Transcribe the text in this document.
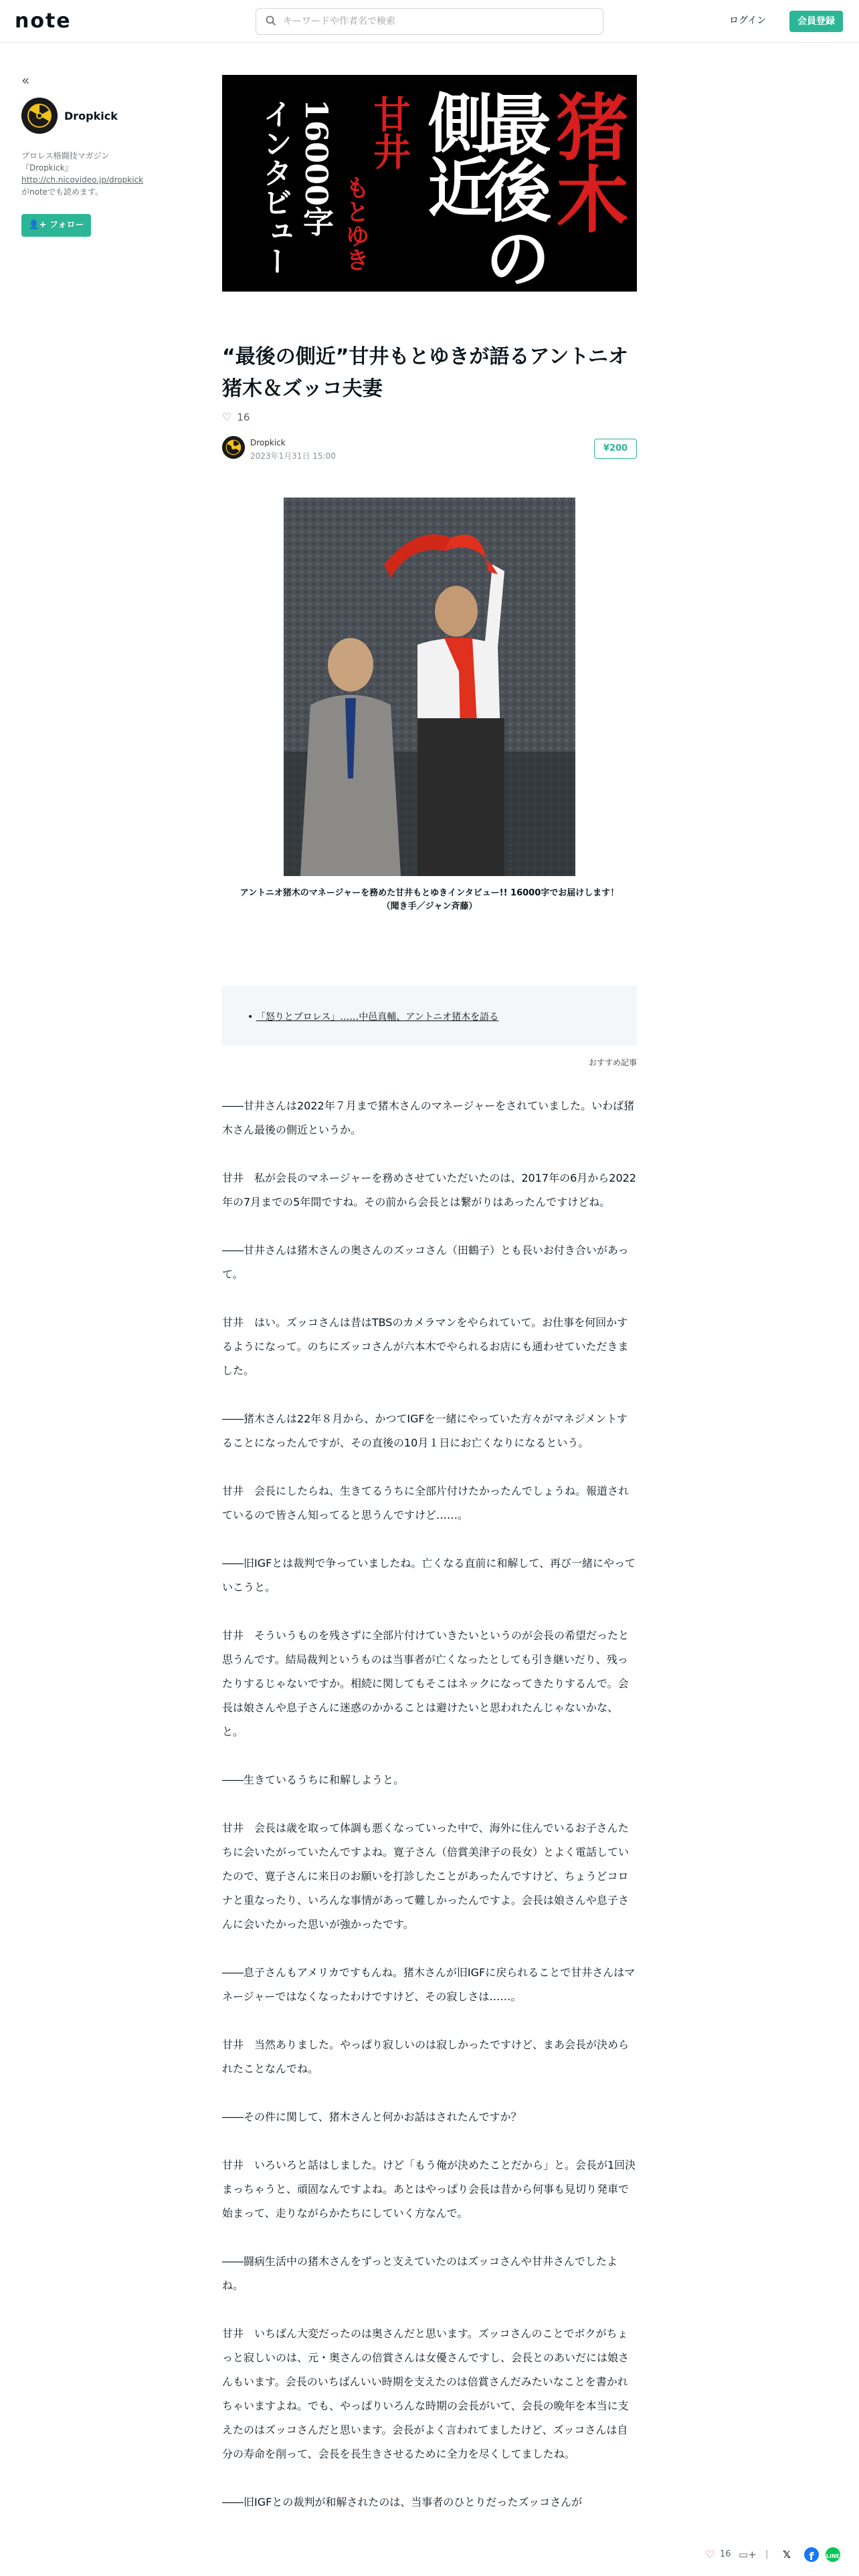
note
キーワードや作者名で検索	ログイン	会員登録
«
Dropkick
プロレス格闘技マガジン
『Dropkick』
http://ch.nicovideo.jp/dropkick
がnoteでも読めます。
👤+ フォロー	猪木
最後の
側近
甘井
もとゆき
16000字
インタビュー
“最後の側近”甘井もとゆきが語るアントニオ猪木＆ズッコ夫妻
♡ 16
Dropkick
2023年1月31日 15:00
¥200
アントニオ猪木のマネージャーを務めた甘井もとゆきインタビュー!! 16000字でお届けします！
（聞き手／ジャン斉藤）
• 「怒りとプロレス」……中邑真輔、アントニオ猪木を語る
おすすめ記事

――甘井さんは2022年７月まで猪木さんのマネージャーをされていました。いわば猪木さん最後の側近というか。

甘井　私が会長のマネージャーを務めさせていただいたのは、2017年の6月から2022年の7月までの5年間ですね。その前から会長とは繋がりはあったんですけどね。

――甘井さんは猪木さんの奥さんのズッコさん（田鶴子）とも長いお付き合いがあって。

甘井　はい。ズッコさんは昔はTBSのカメラマンをやられていて。お仕事を何回かするようになって。のちにズッコさんが六本木でやられるお店にも通わせていただきました。

――猪木さんは22年８月から、かつてIGFを一緒にやっていた方々がマネジメントすることになったんですが、その直後の10月１日にお亡くなりになるという。

甘井　会長にしたらね、生きてるうちに全部片付けたかったんでしょうね。報道されているので皆さん知ってると思うんですけど……。

――旧IGFとは裁判で争っていましたね。亡くなる直前に和解して、再び一緒にやっていこうと。

甘井　そういうものを残さずに全部片付けていきたいというのが会長の希望だったと思うんです。結局裁判というものは当事者が亡くなったとしても引き継いだり、残ったりするじゃないですか。相続に関してもそこはネックになってきたりするんで。会長は娘さんや息子さんに迷惑のかかることは避けたいと思われたんじゃないかな、と。

――生きているうちに和解しようと。

甘井　会長は歳を取って体調も悪くなっていった中で、海外に住んでいるお子さんたちに会いたがっていたんですよね。寛子さん（倍賞美津子の長女）とよく電話していたので、寛子さんに来日のお願いを打診したことがあったんですけど、ちょうどコロナと重なったり、いろんな事情があって難しかったんですよ。会長は娘さんや息子さんに会いたかった思いが強かったです。

――息子さんもアメリカですもんね。猪木さんが旧IGFに戻られることで甘井さんはマネージャーではなくなったわけですけど、その寂しさは……。

甘井　当然ありました。やっぱり寂しいのは寂しかったですけど、まあ会長が決められたことなんでね。

――その件に関して、猪木さんと何かお話はされたんですか？

甘井　いろいろと話はしました。けど「もう俺が決めたことだから」と。会長が1回決まっちゃうと、頑固なんですよね。あとはやっぱり会長は昔から何事も見切り発車で始まって、走りながらかたちにしていく方なんで。

――闘病生活中の猪木さんをずっと支えていたのはズッコさんや甘井さんでしたよね。

甘井　いちばん大変だったのは奥さんだと思います。ズッコさんのことでボクがちょっと寂しいのは、元・奥さんの倍賞さんは女優さんですし、会長とのあいだには娘さんもいます。会長のいちばんいい時期を支えたのは倍賞さんだみたいなことを書かれちゃいますよね。でも、やっぱりいろんな時期の会長がいて、会長の晩年を本当に支えたのはズッコさんだと思います。会長がよく言われてましたけど、ズッコさんは自分の寿命を削って、会長を長生きさせるために全力を尽くしてましたね。

――旧IGFとの裁判が和解されたのは、当事者のひとりだったズッコさんが

♡ 16 ▭+ | 𝕏	f	LINE
